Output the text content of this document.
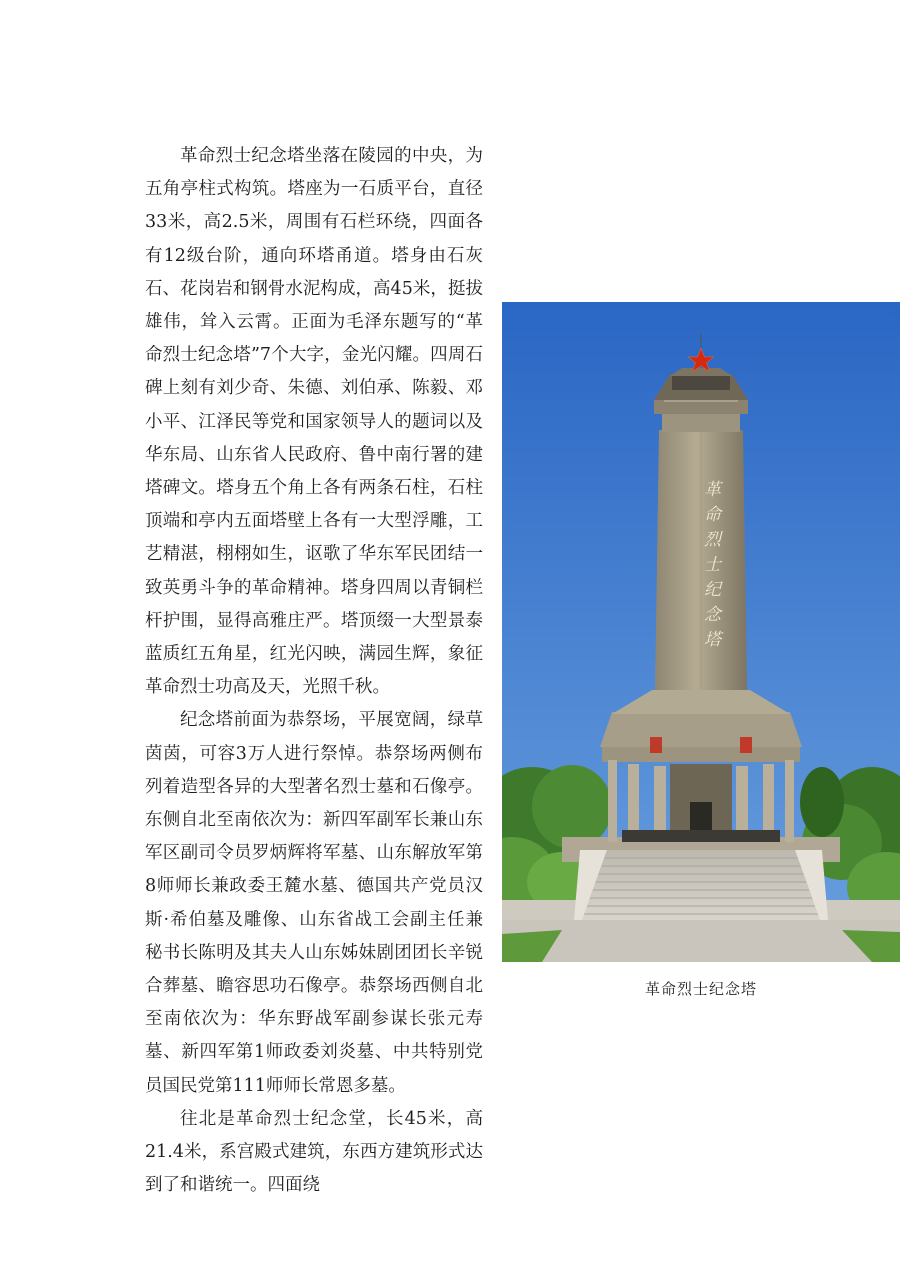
革命烈士纪念塔坐落在陵园的中央，为五角亭柱式构筑。塔座为一石质平台，直径33米，高2.5米，周围有石栏环绕，四面各有12级台阶，通向环塔甬道。塔身由石灰石、花岗岩和钢骨水泥构成，高45米，挺拔雄伟，耸入云霄。正面为毛泽东题写的“革命烈士纪念塔”7个大字，金光闪耀。四周石碑上刻有刘少奇、朱德、刘伯承、陈毅、邓小平、江泽民等党和国家领导人的题词以及华东局、山东省人民政府、鲁中南行署的建塔碑文。塔身五个角上各有两条石柱，石柱顶端和亭内五面塔壁上各有一大型浮雕，工艺精湛，栩栩如生，讴歌了华东军民团结一致英勇斗争的革命精神。塔身四周以青铜栏杆护围，显得高雅庄严。塔顶缀一大型景泰蓝质红五角星，红光闪映，满园生辉，象征革命烈士功高及天，光照千秋。

纪念塔前面为恭祭场，平展宽阔，绿草茵茵，可容3万人进行祭悼。恭祭场两侧布列着造型各异的大型著名烈士墓和石像亭。东侧自北至南依次为：新四军副军长兼山东军区副司令员罗炳辉将军墓、山东解放军第8师师长兼政委王麓水墓、德国共产党员汉斯·希伯墓及雕像、山东省战工会副主任兼秘书长陈明及其夫人山东姊妹剧团团长辛锐合葬墓、瞻容思功石像亭。恭祭场西侧自北至南依次为：华东野战军副参谋长张元寿墓、新四军第1师政委刘炎墓、中共特别党员国民党第111师师长常恩多墓。

往北是革命烈士纪念堂，长45米，高21.4米，系宫殿式建筑，东西方建筑形式达到了和谐统一。四面绕

革命烈士纪念塔
革命烈士纪念塔
